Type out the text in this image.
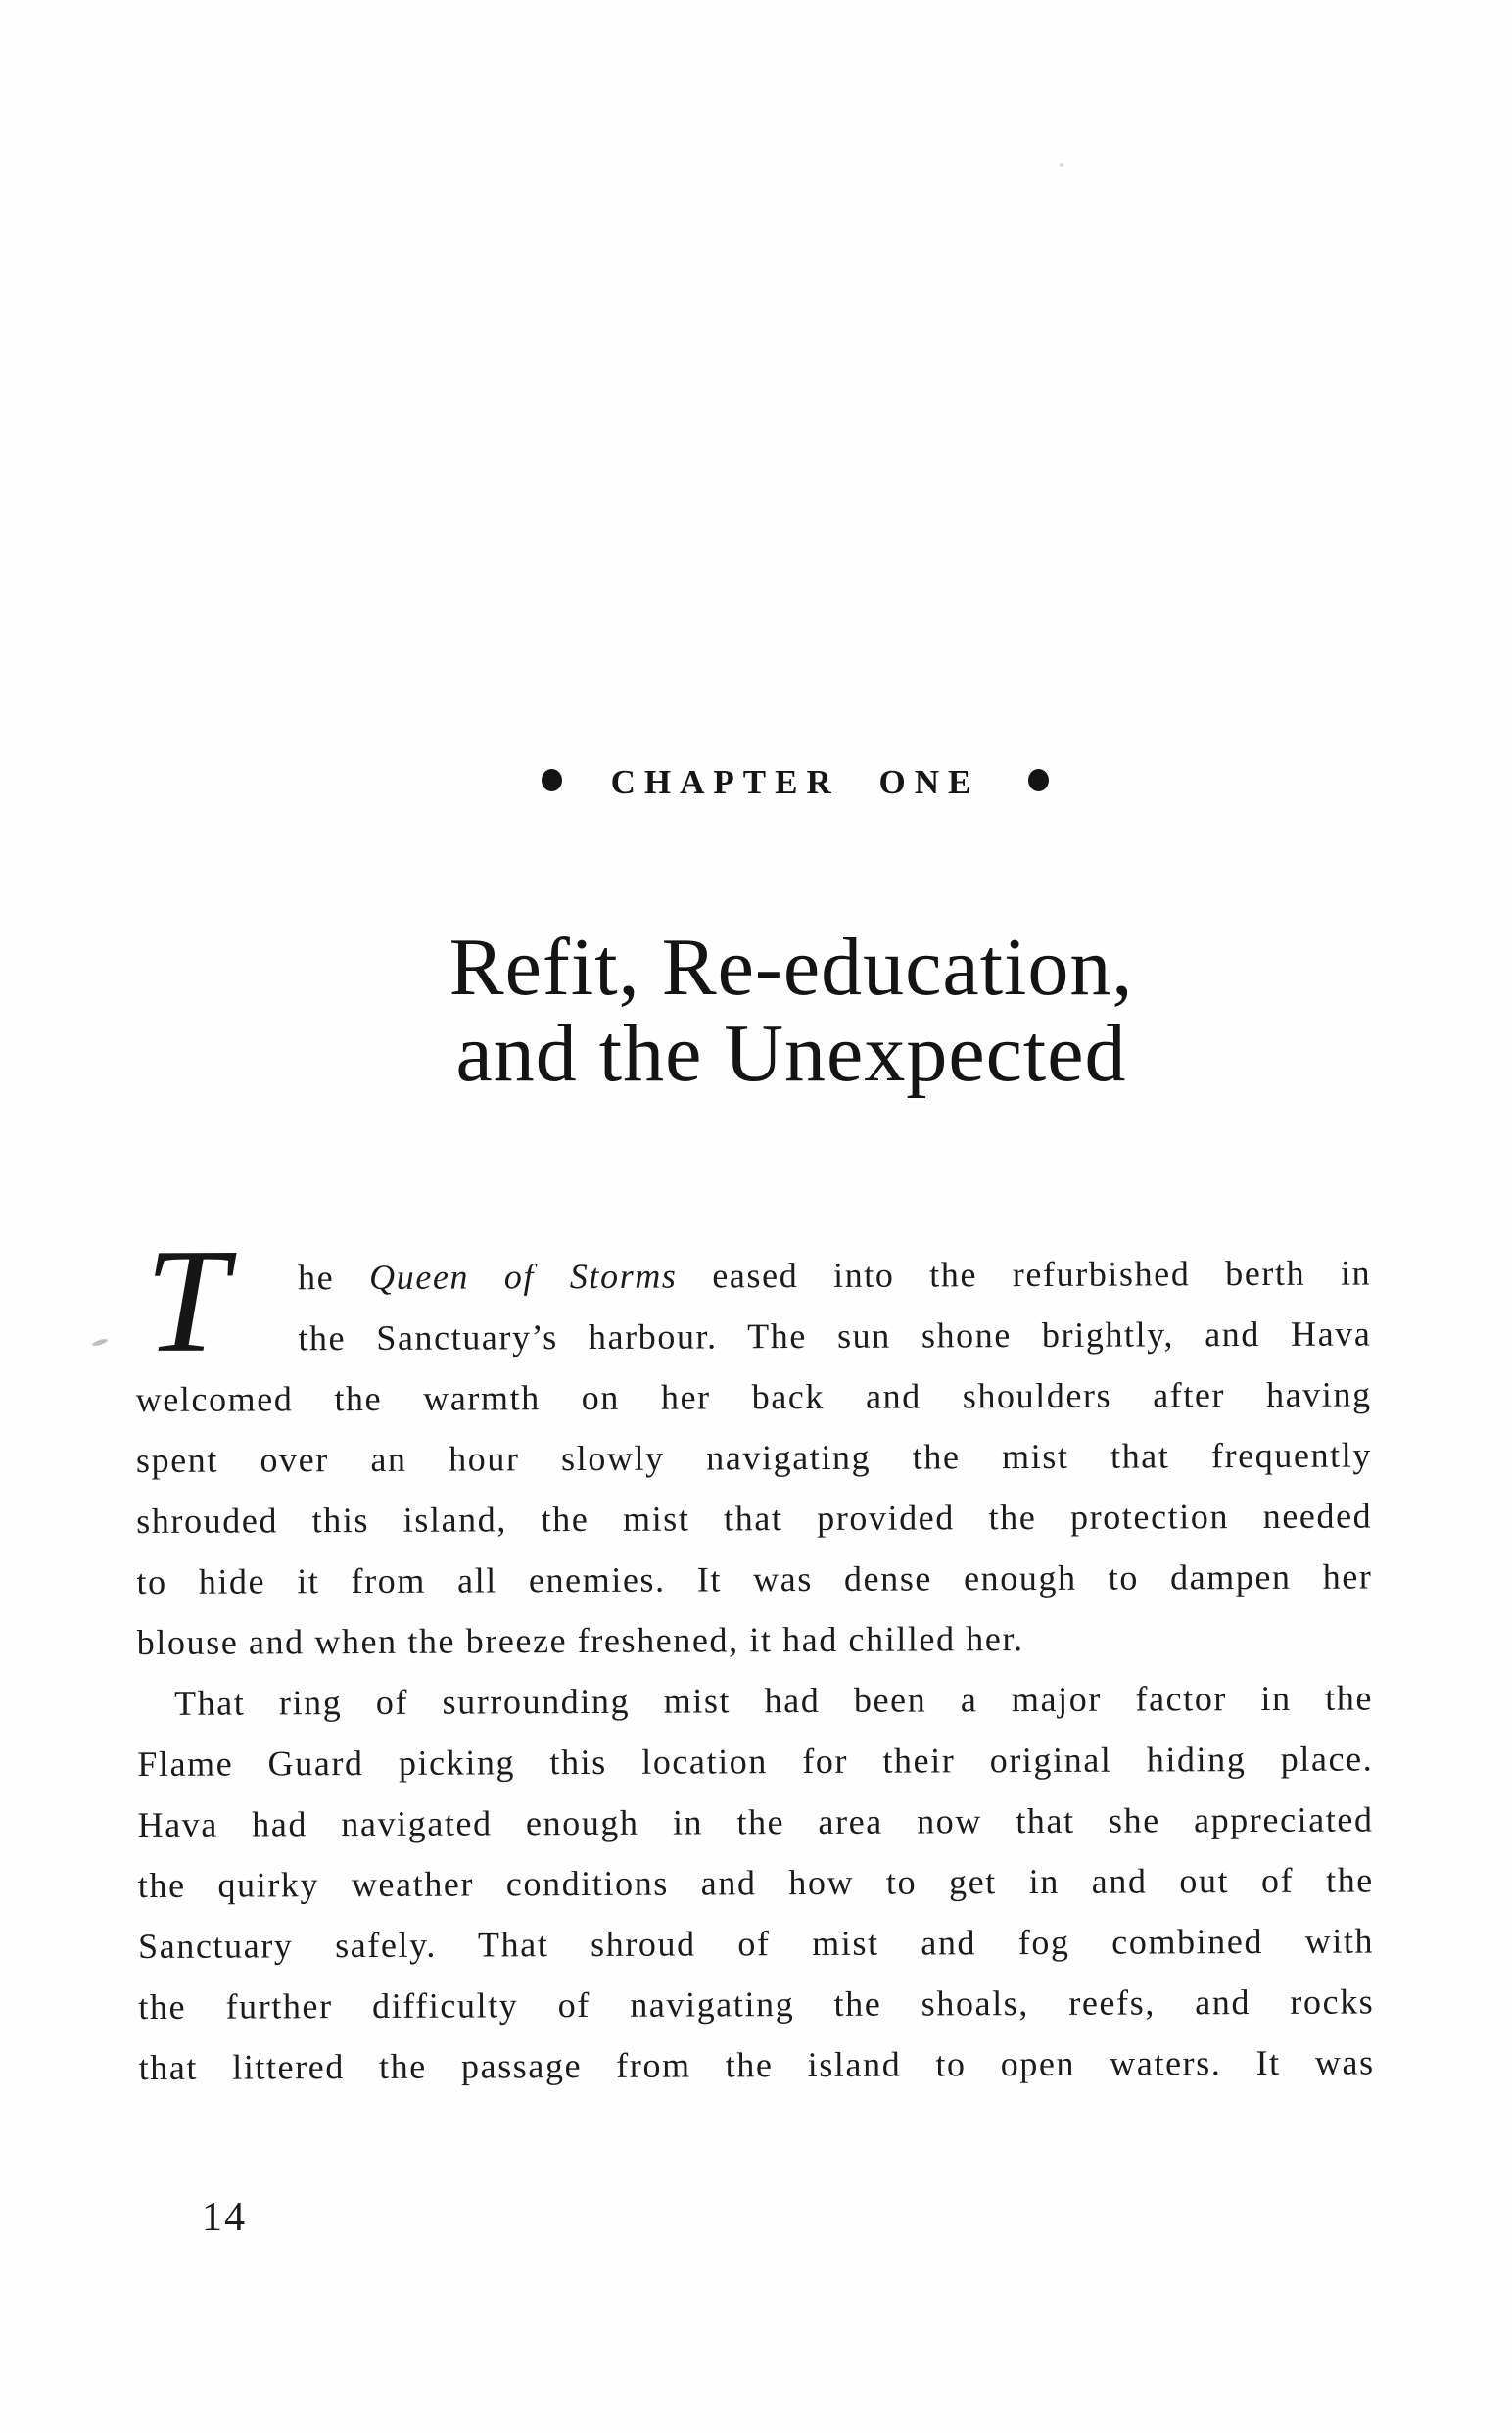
CHAPTER ONE
Refit, Re-education,
and the Unexpected
T	he Queen of Storms eased into the refurbished berth in
the Sanctuary’s harbour. The sun shone brightly, and Hava
welcomed the warmth on her back and shoulders after having
spent over an hour slowly navigating the mist that frequently
shrouded this island, the mist that provided the protection needed
to hide it from all enemies. It was dense enough to dampen her
blouse and when the breeze freshened, it had chilled her.
That ring of surrounding mist had been a major factor in the
Flame Guard picking this location for their original hiding place.
Hava had navigated enough in the area now that she appreciated
the quirky weather conditions and how to get in and out of the
Sanctuary safely. That shroud of mist and fog combined with
the further difficulty of navigating the shoals, reefs, and rocks
that littered the passage from the island to open waters. It was
14
